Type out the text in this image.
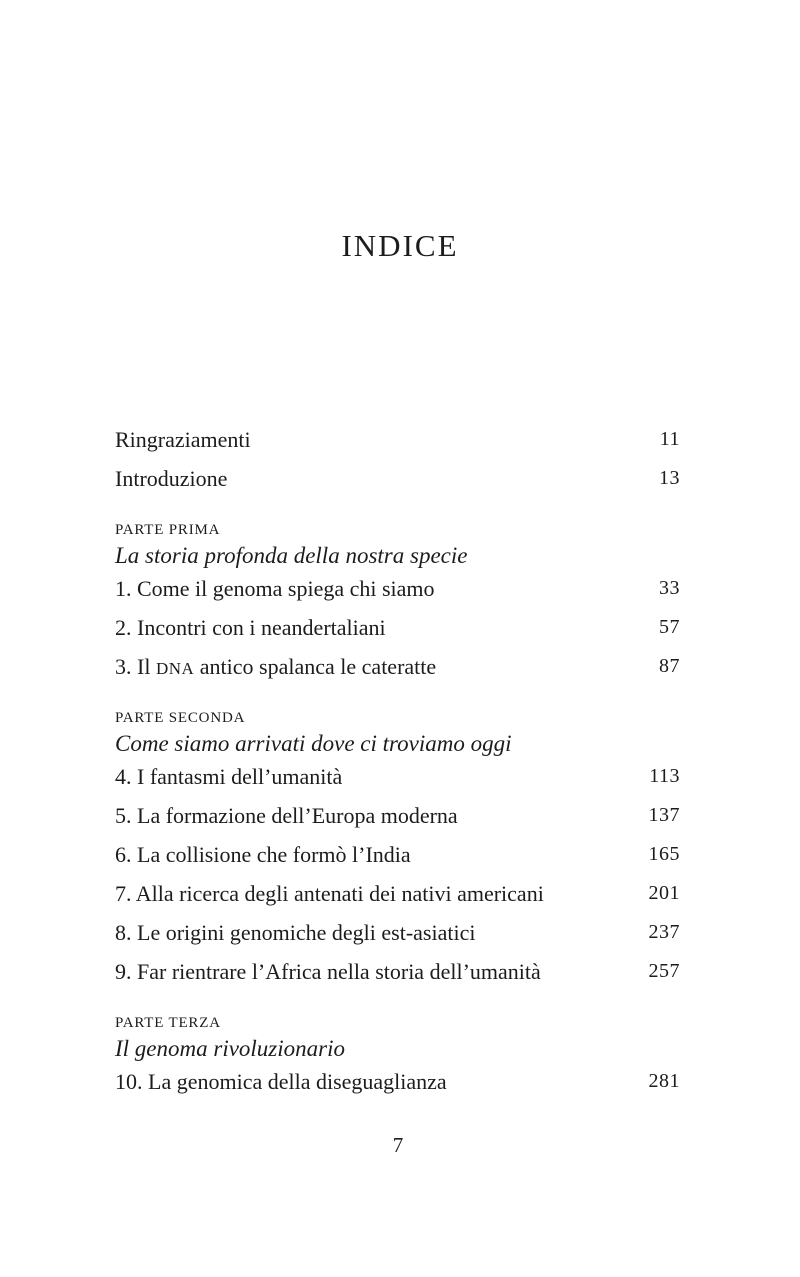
INDICE
Ringraziamenti	11
Introduzione	13
PARTE PRIMA
La storia profonda della nostra specie
1. Come il genoma spiega chi siamo	33
2. Incontri con i neandertaliani	57
3. Il DNA antico spalanca le cateratte	87
PARTE SECONDA
Come siamo arrivati dove ci troviamo oggi
4. I fantasmi dell’umanità	113
5. La formazione dell’Europa moderna	137
6. La collisione che formò l’India	165
7. Alla ricerca degli antenati dei nativi americani	201
8. Le origini genomiche degli est-asiatici	237
9. Far rientrare l’Africa nella storia dell’umanità	257
PARTE TERZA
Il genoma rivoluzionario
10. La genomica della diseguaglianza	281
7
